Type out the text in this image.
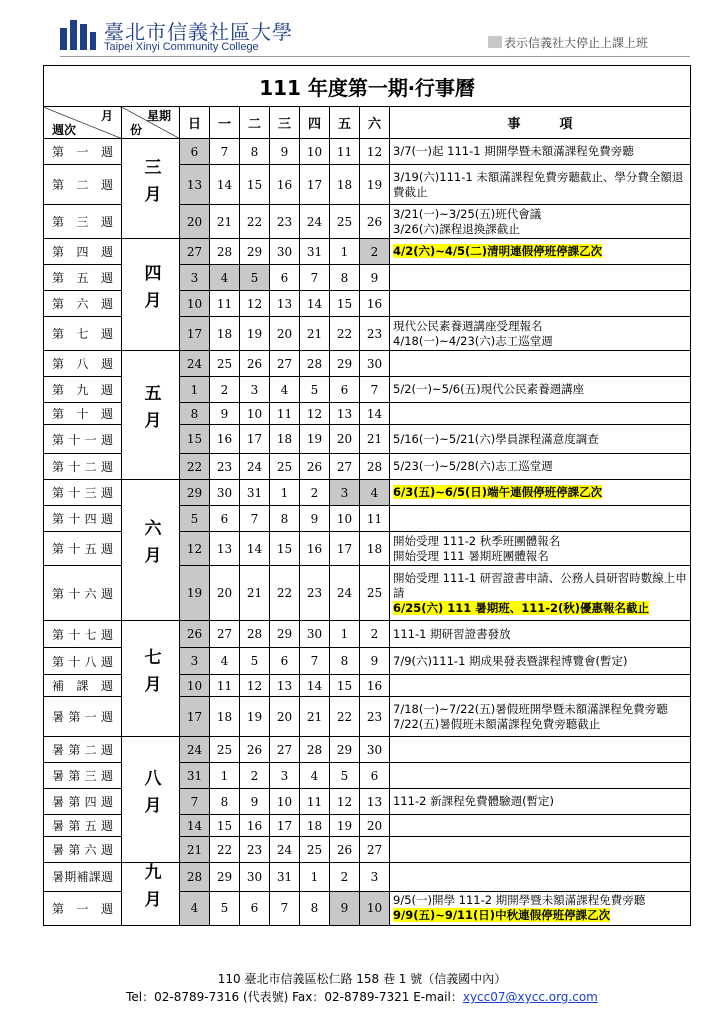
臺北市信義社區大學
Taipei Xinyi Community College	表示信義社大停止上課上班
111 年度第一期‧行事曆									

月
週次	星期
份	日	一	二	三	四	五	六	事　　　項
第一週	三月	6	7	8	9	10	11	12	3/7(一)起 111-1 期開學暨未額滿課程免費旁聽

第二週		13	14	15	16	17	18	19	3/19(六)111-1 未額滿課程免費旁聽截止、學分費全額退費截止

第三週		20	21	22	23	24	25	26	3/21(一)~3/25(五)班代會議
3/26(六)課程退換課截止

第四週	四月	27	28	29	30	31	1	2	4/2(六)~4/5(二)清明連假停班停課乙次

第五週		3	4	5	6	7	8	9	
第六週		10	11	12	13	14	15	16	
第七週		17	18	19	20	21	22	23	現代公民素養週講座受理報名
4/18(一)~4/23(六)志工巡堂週

第八週	五月	24	25	26	27	28	29	30	
第九週		1	2	3	4	5	6	7	5/2(一)~5/6(五)現代公民素養週講座

第十週		8	9	10	11	12	13	14	
第十一週		15	16	17	18	19	20	21	5/16(一)~5/21(六)學員課程滿意度調查

第十二週		22	23	24	25	26	27	28	5/23(一)~5/28(六)志工巡堂週

第十三週	六月	29	30	31	1	2	3	4	6/3(五)~6/5(日)端午連假停班停課乙次

第十四週		5	6	7	8	9	10	11	
第十五週		12	13	14	15	16	17	18	開始受理 111-2 秋季班團體報名
開始受理 111 暑期班團體報名

第十六週		19	20	21	22	23	24	25	開始受理 111-1 研習證書申請、公務人員研習時數線上申請
6/25(六) 111 暑期班、111-2(秋)優惠報名截止

第十七週	七月	26	27	28	29	30	1	2	111-1 期研習證書發放

第十八週		3	4	5	6	7	8	9	7/9(六)111-1 期成果發表暨課程博覽會(暫定)

補課週		10	11	12	13	14	15	16	
暑第一週		17	18	19	20	21	22	23	7/18(一)~7/22(五)暑假班開學暨未額滿課程免費旁聽 7/22(五)暑假班未額滿課程免費旁聽截止

暑第二週	八月	24	25	26	27	28	29	30	
暑第三週		31	1	2	3	4	5	6	
暑第四週		7	8	9	10	11	12	13	111-2 新課程免費體驗週(暫定)

暑第五週		14	15	16	17	18	19	20	
暑第六週		21	22	23	24	25	26	27	
暑期補課週	九月	28	29	30	31	1	2	3	
第一週		4	5	6	7	8	9	10	9/5(一)開學 111-2 期開學暨未額滿課程免費旁聽
9/9(五)~9/11(日)中秋連假停班停課乙次
110 臺北市信義區松仁路 158 巷 1 號（信義國中內）
Tel：02-8789-7316 (代表號) Fax：02-8789-7321 E-mail：xycc07@xycc.org.com
